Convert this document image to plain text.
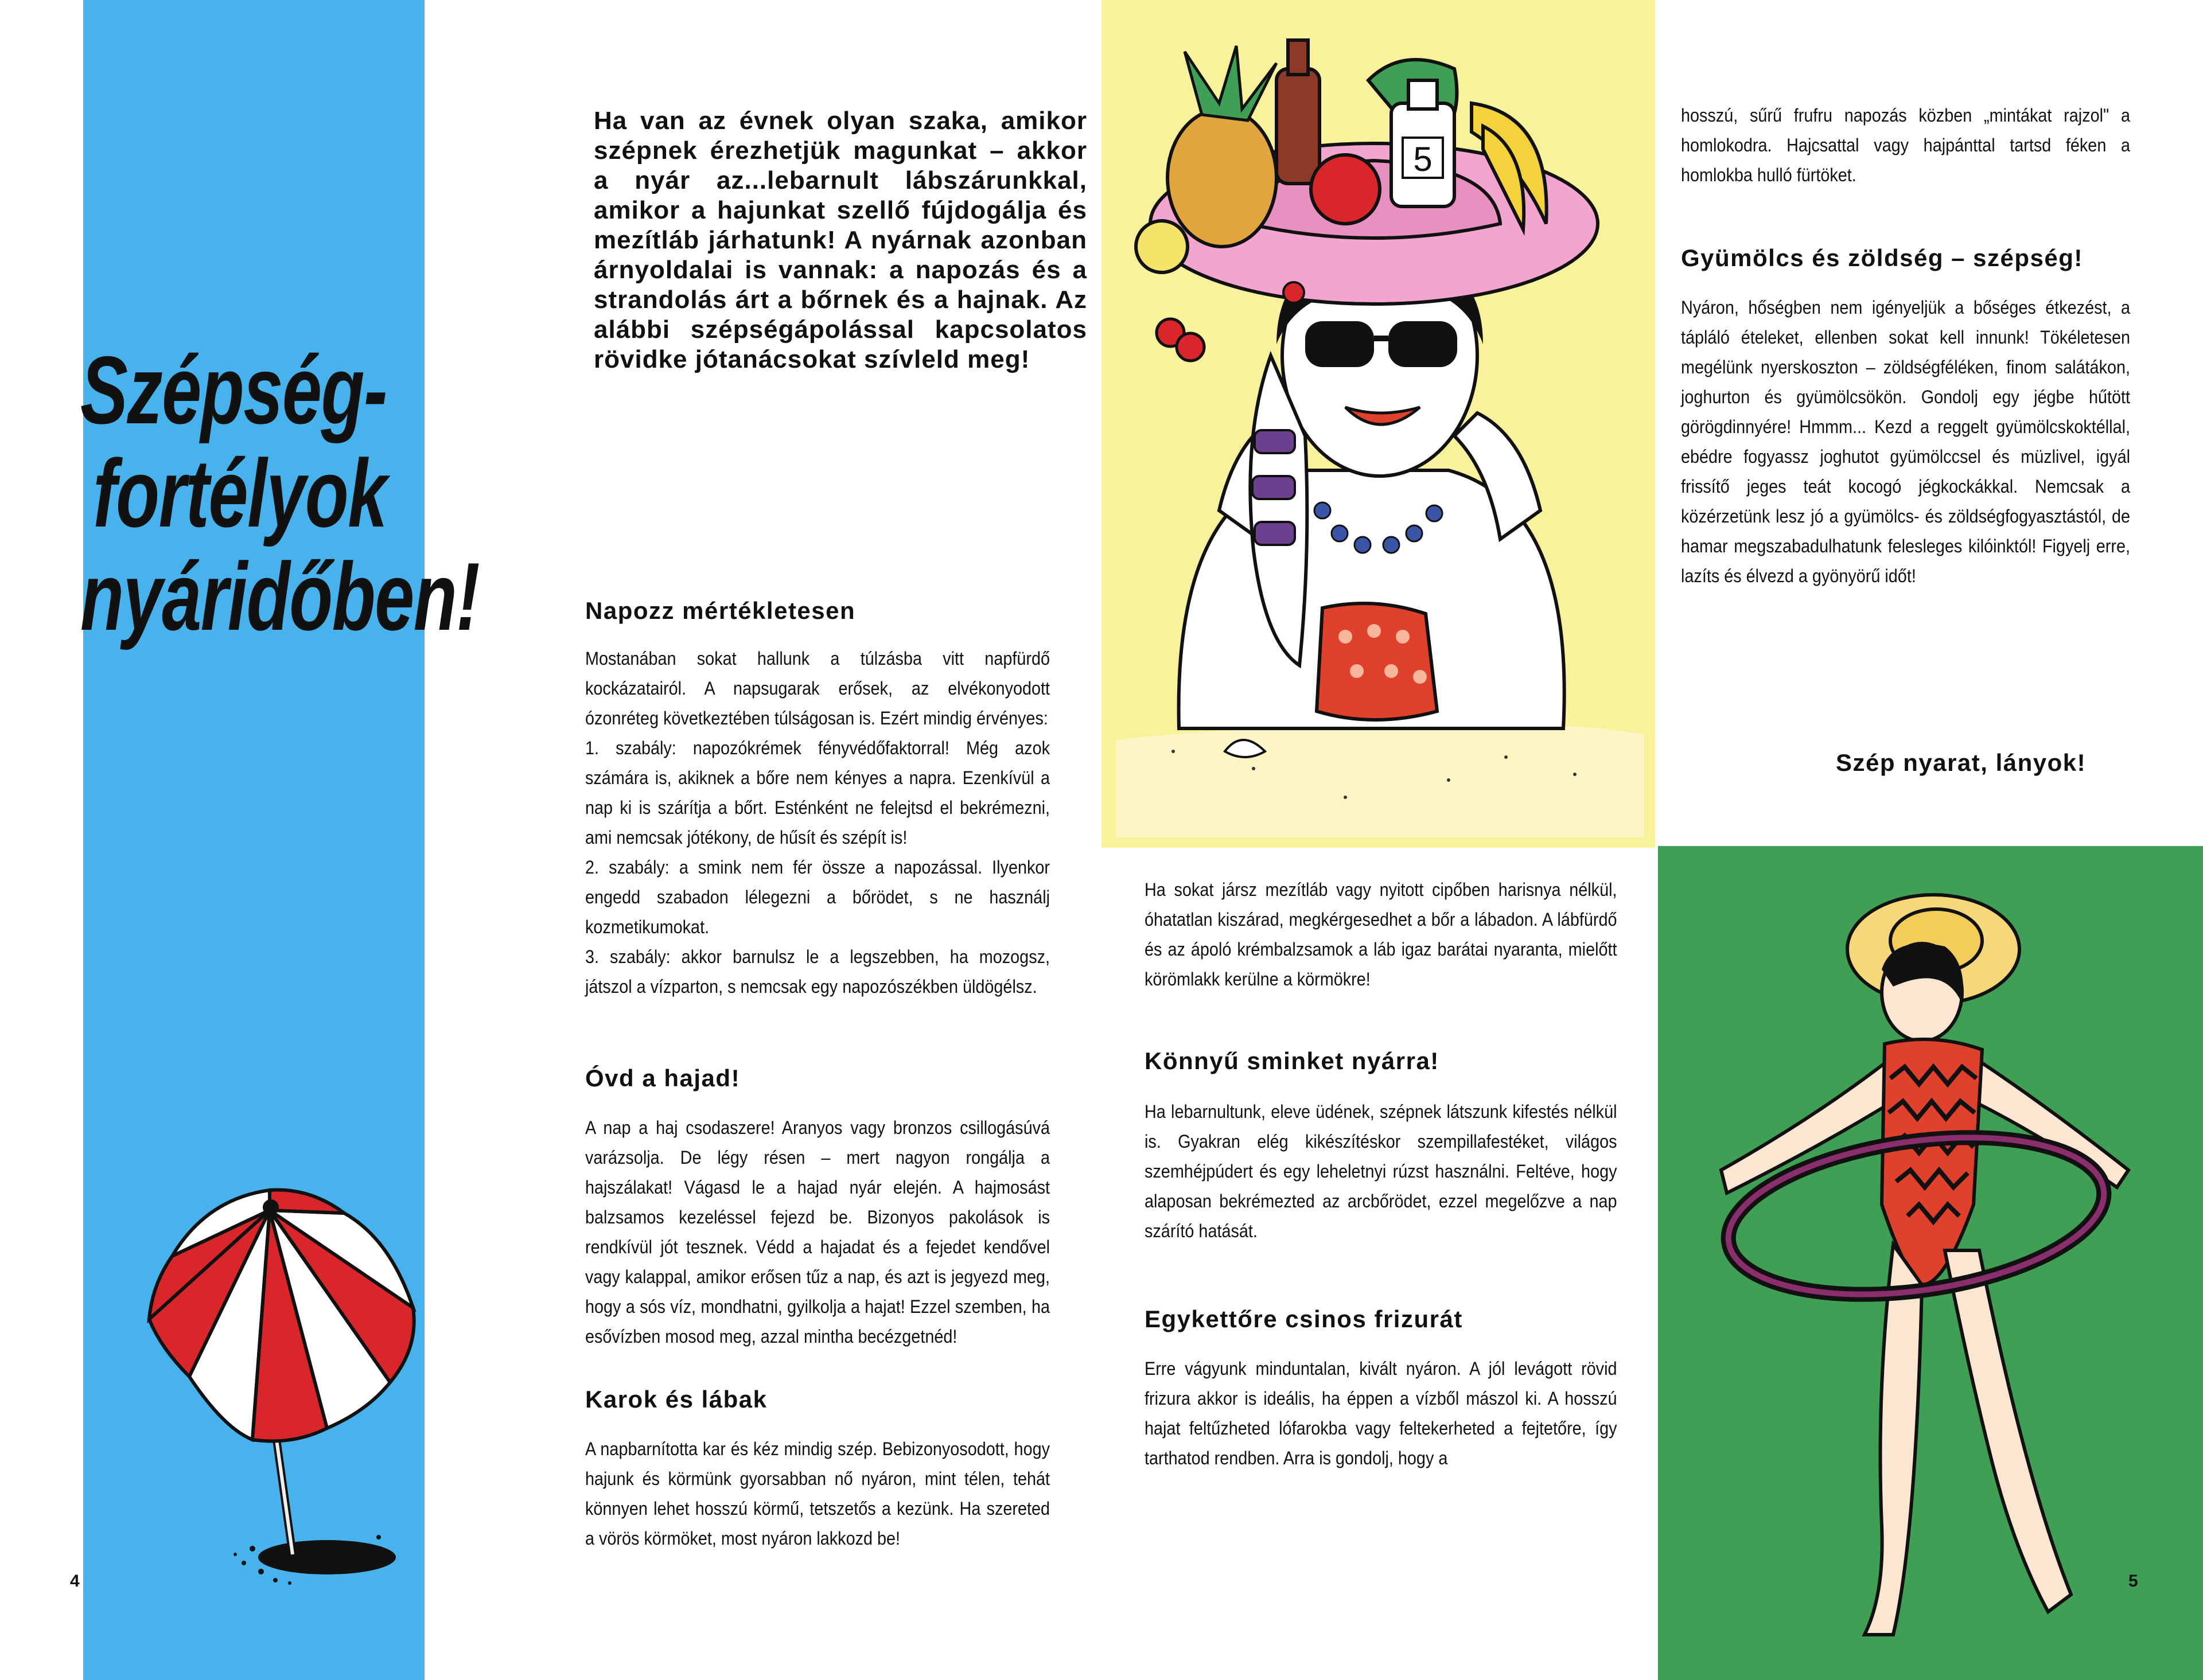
Szépség-
fortélyok
nyáridőben!
Ha van az évnek olyan szaka, amikor szépnek érezhetjük magunkat – akkor a nyár az...lebarnult lábszárunkkal, amikor a hajunkat szellő fújdogálja és mezítláb járhatunk! A nyárnak azonban árnyoldalai is vannak: a napozás és a strandolás árt a bőrnek és a hajnak. Az alábbi szépségápolással kapcsolatos rövidke jótanácsokat szívleld meg!
Napozz mértékletesen

Mostanában sokat hallunk a túlzásba vitt napfürdő kockázatairól. A napsugarak erősek, az elvékonyodott ózonréteg következtében túlságosan is. Ezért mindig érvényes:

1. szabály: napozókrémek fényvédőfaktorral! Még azok számára is, akiknek a bőre nem kényes a napra. Ezenkívül a nap ki is szárítja a bőrt. Esténként ne felejtsd el bekrémezni, ami nemcsak jótékony, de hűsít és szépít is!

2. szabály: a smink nem fér össze a napozással. Ilyenkor engedd szabadon lélegezni a bőrödet, s ne használj kozmetikumokat.

3. szabály: akkor barnulsz le a legszebben, ha mozogsz, játszol a vízparton, s nemcsak egy napozószékben üldögélsz.

Óvd a hajad!

A nap a haj csodaszere! Aranyos vagy bronzos csillogásúvá varázsolja. De légy résen – mert nagyon rongálja a hajszálakat! Vágasd le a hajad nyár elején. A hajmosást balzsamos kezeléssel fejezd be. Bizonyos pakolások is rendkívül jót tesznek. Védd a hajadat és a fejedet kendővel vagy kalappal, amikor erősen tűz a nap, és azt is jegyezd meg, hogy a sós víz, mondhatni, gyilkolja a hajat! Ezzel szemben, ha esővízben mosod meg, azzal mintha becézgetnéd!

Karok és lábak

A napbarnította kar és kéz mindig szép. Bebizonyosodott, hogy hajunk és körmünk gyorsabban nő nyáron, mint télen, tehát könnyen lehet hosszú körmű, tetszetős a kezünk. Ha szereted a vörös körmöket, most nyáron lakkozd be!

Ha sokat jársz mezítláb vagy nyitott cipőben harisnya nélkül, óhatatlan kiszárad, megkérgesedhet a bőr a lábadon. A lábfürdő és az ápoló krémbalzsamok a láb igaz barátai nyaranta, mielőtt körömlakk kerülne a körmökre!

Könnyű sminket nyárra!

Ha lebarnultunk, eleve üdének, szépnek látszunk kifestés nélkül is. Gyakran elég kikészítéskor szempillafestéket, világos szemhéjpúdert és egy leheletnyi rúzst használni. Feltéve, hogy alaposan bekrémezted az arcbőrödet, ezzel megelőzve a nap szárító hatását.

Egykettőre csinos frizurát

Erre vágyunk minduntalan, kivált nyáron. A jól levágott rövid frizura akkor is ideális, ha éppen a vízből mászol ki. A hosszú hajat feltűzheted lófarokba vagy feltekerheted a fejtetőre, így tarthatod rendben. Arra is gondolj, hogy a

hosszú, sűrű frufru napozás közben „mintákat rajzol" a homlokodra. Hajcsattal vagy hajpánttal tartsd féken a homlokba hulló fürtöket.

Gyümölcs és zöldség – szépség!

Nyáron, hőségben nem igényeljük a bőséges étkezést, a tápláló ételeket, ellenben sokat kell innunk! Tökéletesen megélünk nyerskoszton – zöldségféléken, finom salátákon, joghurton és gyümölcsökön. Gondolj egy jégbe hűtött görögdinnyére! Hmmm... Kezd a reggelt gyümölcskoktéllal, ebédre fogyassz joghutot gyümölccsel és müzlivel, igyál frissítő jeges teát kocogó jégkockákkal. Nemcsak a közérzetünk lesz jó a gyümölcs- és zöldségfogyasztástól, de hamar megszabadulhatunk felesleges kilóinktól! Figyelj erre, lazíts és élvezd a gyönyörű időt!

Szép nyarat, lányok!
4	5
5
